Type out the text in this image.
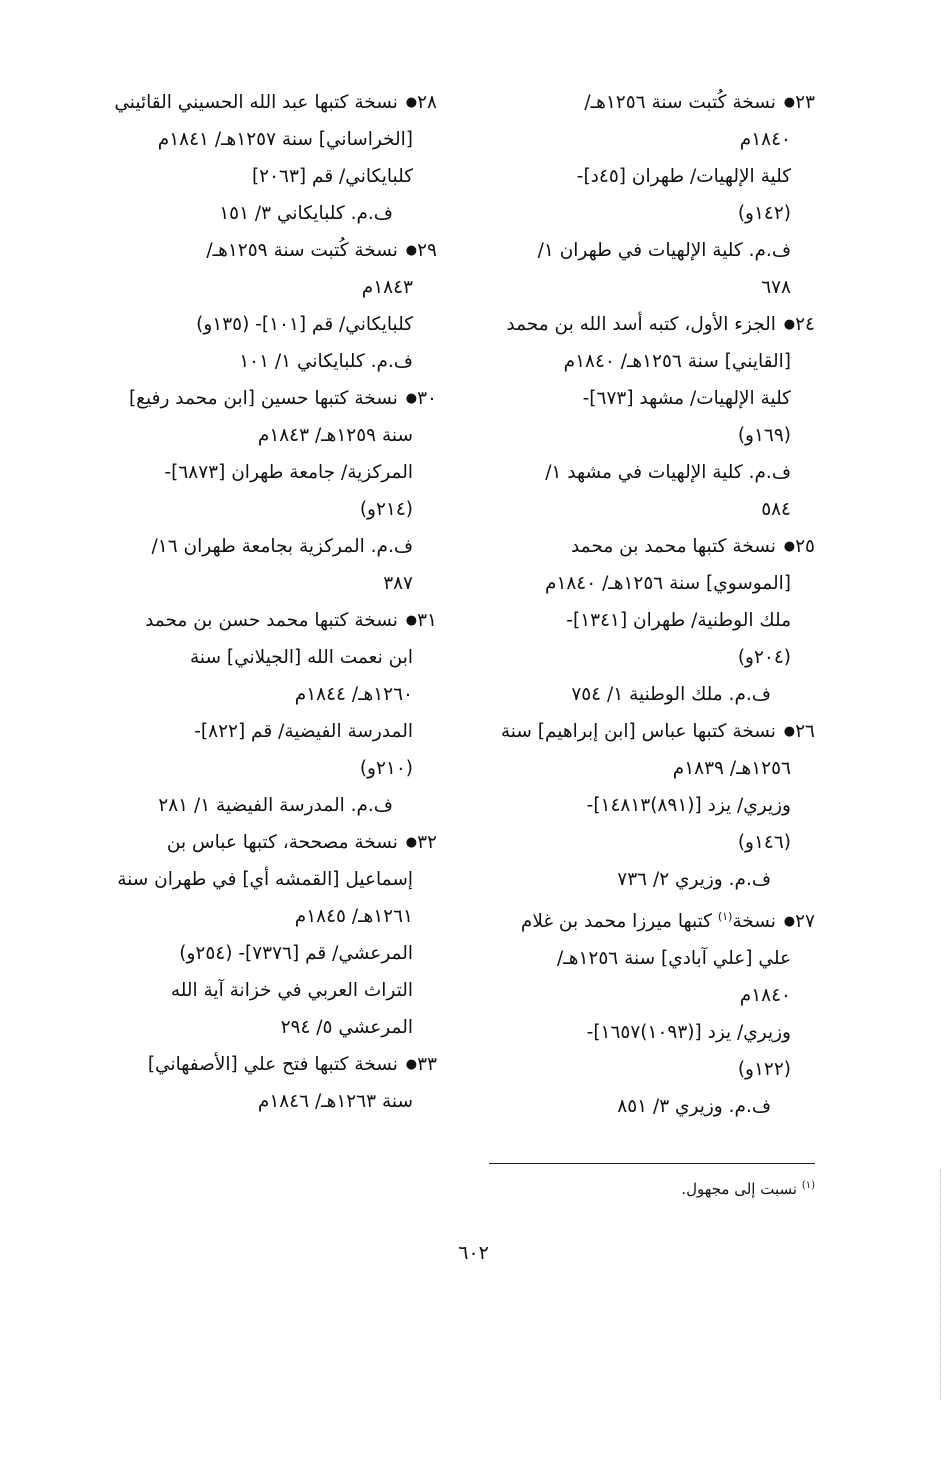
٢٣● نسخة كُتبت سنة ١٢٥٦هـ/
١٨٤٠م
كلية الإلهيات/ طهران [٤٥د]-
(١٤٢و)
ف.م. كلية الإلهيات في طهران ١/
٦٧٨
٢٤● الجزء الأول، كتبه أسد الله بن محمد
[القايني] سنة ١٢٥٦هـ/ ١٨٤٠م
كلية الإلهيات/ مشهد [٦٧٣]-
(١٦٩و)
ف.م. كلية الإلهيات في مشهد ١/
٥٨٤
٢٥● نسخة كتبها محمد بن محمد
[الموسوي] سنة ١٢٥٦هـ/ ١٨٤٠م
ملك الوطنية/ طهران [١٣٤١]-
(٢٠٤و)
ف.م. ملك الوطنية ١/ ٧٥٤
٢٦● نسخة كتبها عباس [ابن إبراهيم] سنة
١٢٥٦هـ/ ١٨٣٩م
وزيري/ يزد [(٨٩١)١٤٨١٣]-
(١٤٦و)
ف.م. وزيري ٢/ ٧٣٦
٢٧● نسخة$^{(١)}$ كتبها ميرزا محمد بن غلام
علي [علي آبادي] سنة ١٢٥٦هـ/
١٨٤٠م
وزيري/ يزد [(١٠٩٣)١٦٥٧]-
(١٢٢و)
ف.م. وزيري ٣/ ٨٥١
٢٨● نسخة كتبها عبد الله الحسيني القائيني
[الخراساني] سنة ١٢٥٧هـ/ ١٨٤١م
كلبايكاني/ قم [٢٠٦٣]
ف.م. كلبايكاني ٣/ ١٥١
٢٩● نسخة كُتبت سنة ١٢٥٩هـ/
١٨٤٣م
كلبايكاني/ قم [١٠١]- (١٣٥و)
ف.م. كلبايكاني ١/ ١٠١
٣٠● نسخة كتبها حسين [ابن محمد رفيع]
سنة ١٢٥٩هـ/ ١٨٤٣م
المركزية/ جامعة طهران [٦٨٧٣]-
(٢١٤و)
ف.م. المركزية بجامعة طهران ١٦/
٣٨٧
٣١● نسخة كتبها محمد حسن بن محمد
ابن نعمت الله [الجيلاني] سنة
١٢٦٠هـ/ ١٨٤٤م
المدرسة الفيضية/ قم [٨٢٢]-
(٢١٠و)
ف.م. المدرسة الفيضية ١/ ٢٨١
٣٢● نسخة مصححة، كتبها عباس بن
إسماعيل [القمشه أي] في طهران سنة
١٢٦١هـ/ ١٨٤٥م
المرعشي/ قم [٧٣٧٦]- (٢٥٤و)
التراث العربي في خزانة آية الله
المرعشي ٥/ ٢٩٤
٣٣● نسخة كتبها فتح علي [الأصفهاني]
سنة ١٢٦٣هـ/ ١٨٤٦م
$^{(١)}$ نسبت إلى مجهول.
٦٠٢
